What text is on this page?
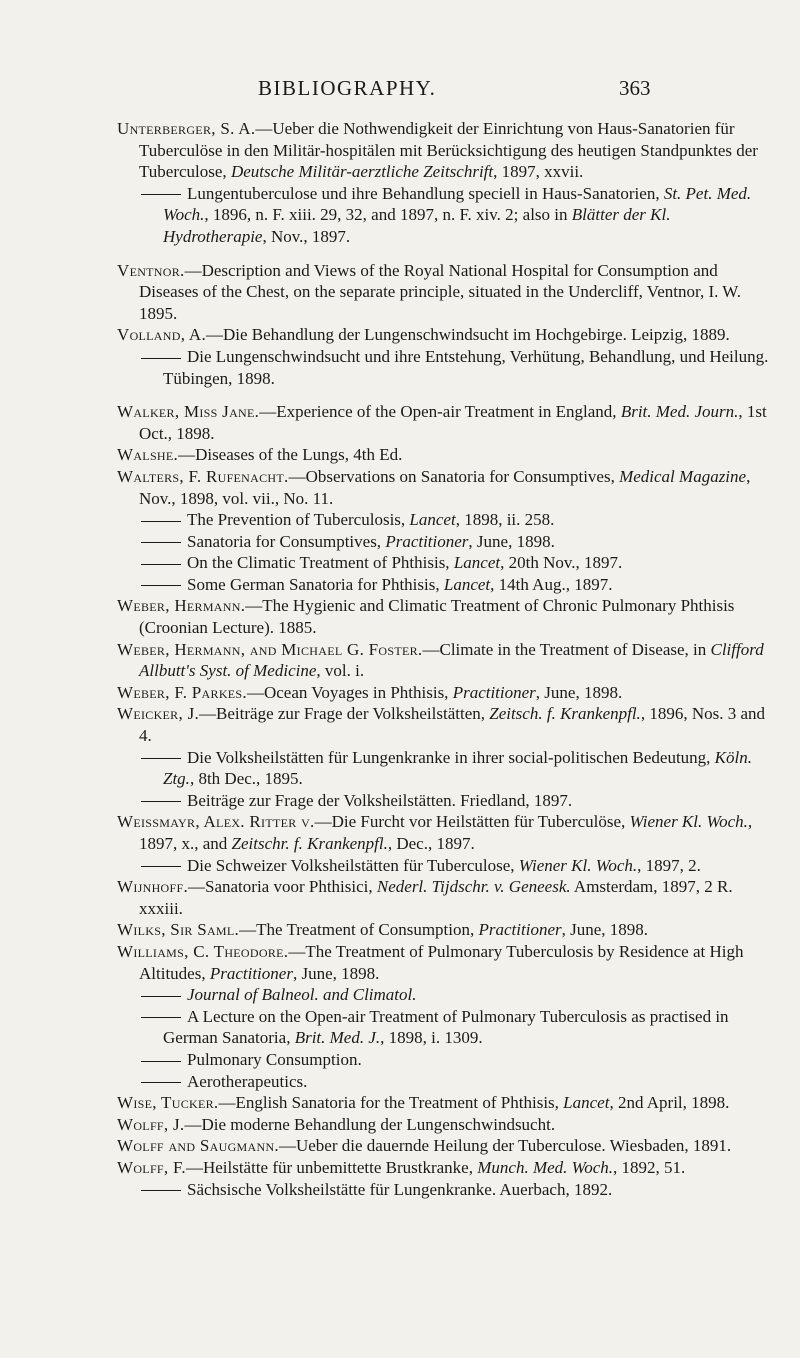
BIBLIOGRAPHY.	363

Unterberger, S. A.—Ueber die Nothwendigkeit der Einrichtung von Haus-Sanatorien für Tuberculöse in den Militär-hospitälen mit Berücksichtigung des heutigen Standpunktes der Tuberculose, Deutsche Militär-aerztliche Zeitschrift, 1897, xxvii.

Lungentuberculose und ihre Behandlung speciell in Haus-Sanatorien, St. Pet. Med. Woch., 1896, n. F. xiii. 29, 32, and 1897, n. F. xiv. 2; also in Blätter der Kl. Hydrotherapie, Nov., 1897.

Ventnor.—Description and Views of the Royal National Hospital for Consumption and Diseases of the Chest, on the separate principle, situated in the Undercliff, Ventnor, I. W. 1895.

Volland, A.—Die Behandlung der Lungenschwindsucht im Hochgebirge. Leipzig, 1889.

Die Lungenschwindsucht und ihre Entstehung, Verhütung, Behandlung, und Heilung. Tübingen, 1898.

Walker, Miss Jane.—Experience of the Open-air Treatment in England, Brit. Med. Journ., 1st Oct., 1898.

Walshe.—Diseases of the Lungs, 4th Ed.

Walters, F. Rufenacht.—Observations on Sanatoria for Consumptives, Medical Magazine, Nov., 1898, vol. vii., No. 11.

The Prevention of Tuberculosis, Lancet, 1898, ii. 258.

Sanatoria for Consumptives, Practitioner, June, 1898.

On the Climatic Treatment of Phthisis, Lancet, 20th Nov., 1897.

Some German Sanatoria for Phthisis, Lancet, 14th Aug., 1897.

Weber, Hermann.—The Hygienic and Climatic Treatment of Chronic Pulmonary Phthisis (Croonian Lecture). 1885.

Weber, Hermann, and Michael G. Foster.—Climate in the Treatment of Disease, in Clifford Allbutt's Syst. of Medicine, vol. i.

Weber, F. Parkes.—Ocean Voyages in Phthisis, Practitioner, June, 1898.

Weicker, J.—Beiträge zur Frage der Volksheilstätten, Zeitsch. f. Krankenpfl., 1896, Nos. 3 and 4.

Die Volksheilstätten für Lungenkranke in ihrer social-politischen Bedeutung, Köln. Ztg., 8th Dec., 1895.

Beiträge zur Frage der Volksheilstätten. Friedland, 1897.

Weissmayr, Alex. Ritter v.—Die Furcht vor Heilstätten für Tuberculöse, Wiener Kl. Woch., 1897, x., and Zeitschr. f. Krankenpfl., Dec., 1897.

Die Schweizer Volksheilstätten für Tuberculose, Wiener Kl. Woch., 1897, 2.

Wijnhoff.—Sanatoria voor Phthisici, Nederl. Tijdschr. v. Geneesk. Amsterdam, 1897, 2 R. xxxiii.

Wilks, Sir Saml.—The Treatment of Consumption, Practitioner, June, 1898.

Williams, C. Theodore.—The Treatment of Pulmonary Tuberculosis by Residence at High Altitudes, Practitioner, June, 1898.

Journal of Balneol. and Climatol.

A Lecture on the Open-air Treatment of Pulmonary Tuberculosis as practised in German Sanatoria, Brit. Med. J., 1898, i. 1309.

Pulmonary Consumption.

Aerotherapeutics.

Wise, Tucker.—English Sanatoria for the Treatment of Phthisis, Lancet, 2nd April, 1898.

Wolff, J.—Die moderne Behandlung der Lungenschwindsucht.

Wolff and Saugmann.—Ueber die dauernde Heilung der Tuberculose. Wiesbaden, 1891.

Wolff, F.—Heilstätte für unbemittette Brustkranke, Munch. Med. Woch., 1892, 51.

Sächsische Volksheilstätte für Lungenkranke. Auerbach, 1892.
